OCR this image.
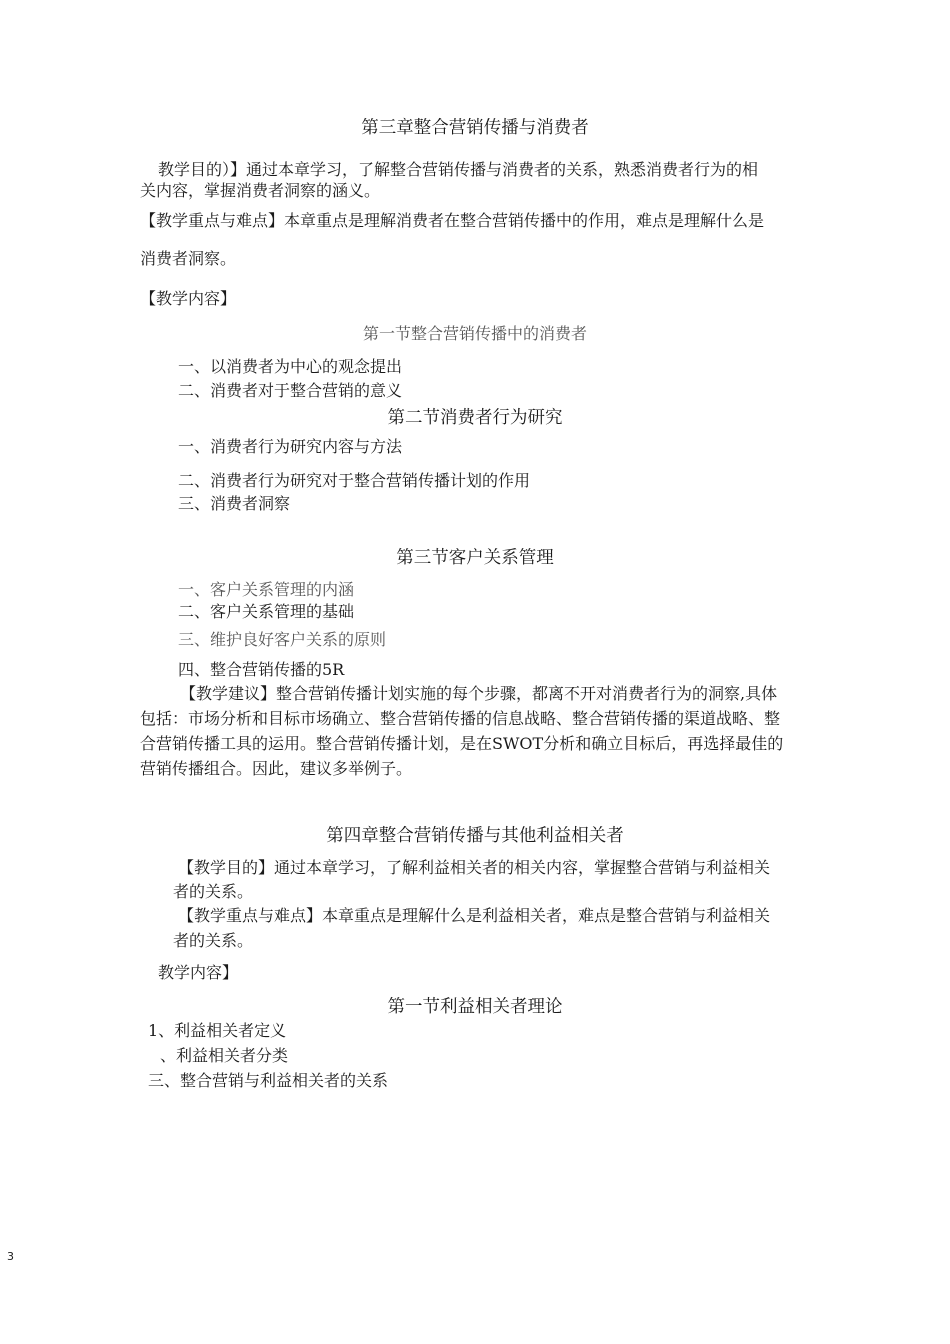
第三章整合营销传播与消费者
教学目的）】通过本章学习，了解整合营销传播与消费者的关系，熟悉消费者行为的相
关内容，掌握消费者洞察的涵义。
【教学重点与难点】本章重点是理解消费者在整合营销传播中的作用，难点是理解什么是
消费者洞察。
【教学内容】
第一节整合营销传播中的消费者
一、以消费者为中心的观念提出
二、消费者对于整合营销的意义
第二节消费者行为研究
一、消费者行为研究内容与方法
二、消费者行为研究对于整合营销传播计划的作用
三、消费者洞察
第三节客户关系管理
一、客户关系管理的内涵
二、客户关系管理的基础
三、维护良好客户关系的原则
四、整合营销传播的5R
【教学建议】整合营销传播计划实施的每个步骤，都离不开对消费者行为的洞察,具体
包括：市场分析和目标市场确立、整合营销传播的信息战略、整合营销传播的渠道战略、整
合营销传播工具的运用。整合营销传播计划，是在SWOT分析和确立目标后，再选择最佳的
营销传播组合。因此，建议多举例子。
第四章整合营销传播与其他利益相关者
【教学目的】通过本章学习，了解利益相关者的相关内容，掌握整合营销与利益相关
者的关系。
【教学重点与难点】本章重点是理解什么是利益相关者，难点是整合营销与利益相关
者的关系。
教学内容】
第一节利益相关者理论
1、利益相关者定义
、利益相关者分类
三、整合营销与利益相关者的关系
3
